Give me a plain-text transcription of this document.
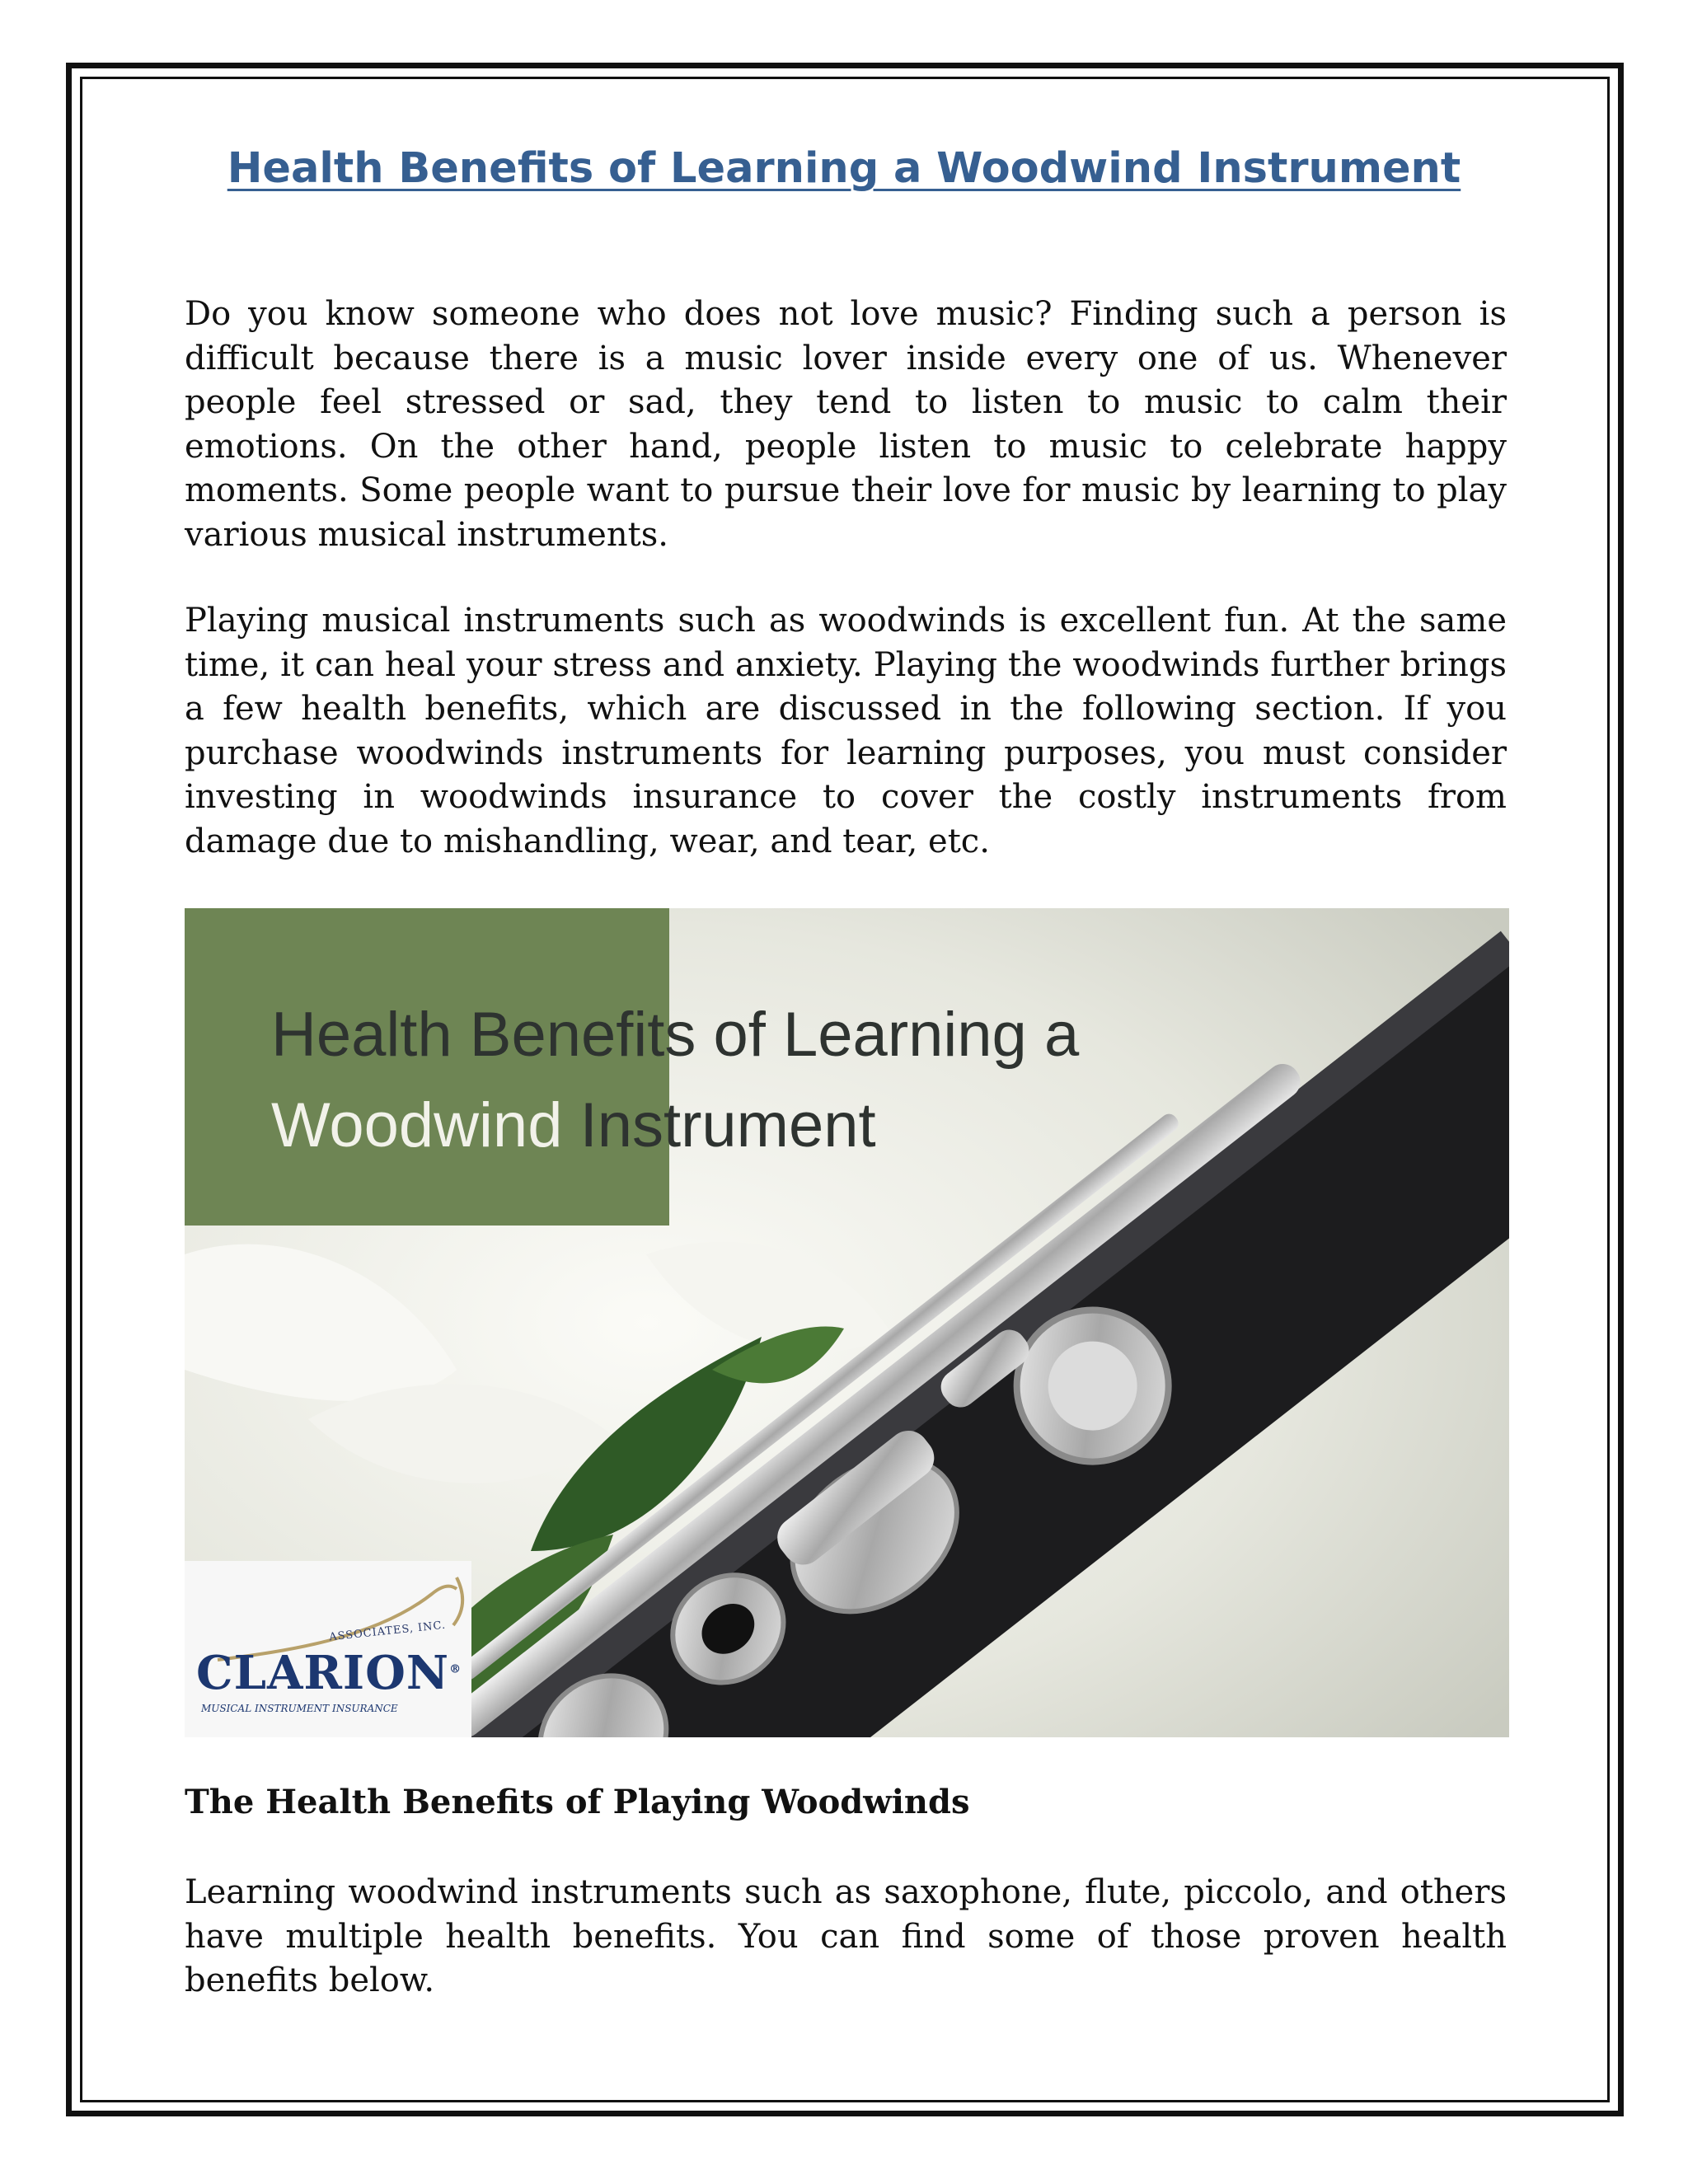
Health Benefits of Learning a Woodwind Instrument

Do you know someone who does not love music? Finding such a person is difficult because there is a music lover inside every one of us. Whenever people feel stressed or sad, they tend to listen to music to calm their emotions. On the other hand, people listen to music to celebrate happy moments. Some people want to pursue their love for music by learning to play various musical instruments.

Playing musical instruments such as woodwinds is excellent fun. At the same time, it can heal your stress and anxiety. Playing the woodwinds further brings a few health benefits, which are discussed in the following section. If you purchase woodwinds instruments for learning purposes, you must consider investing in woodwinds insurance to cover the costly instruments from damage due to mishandling, wear, and tear, etc.

Health Benefits of Learning a
Woodwind Instrument
ASSOCIATES, INC.
CLARION®
MUSICAL INSTRUMENT INSURANCE
The Health Benefits of Playing Woodwinds

Learning woodwind instruments such as saxophone, flute, piccolo, and others have multiple health benefits. You can find some of those proven health benefits below.
